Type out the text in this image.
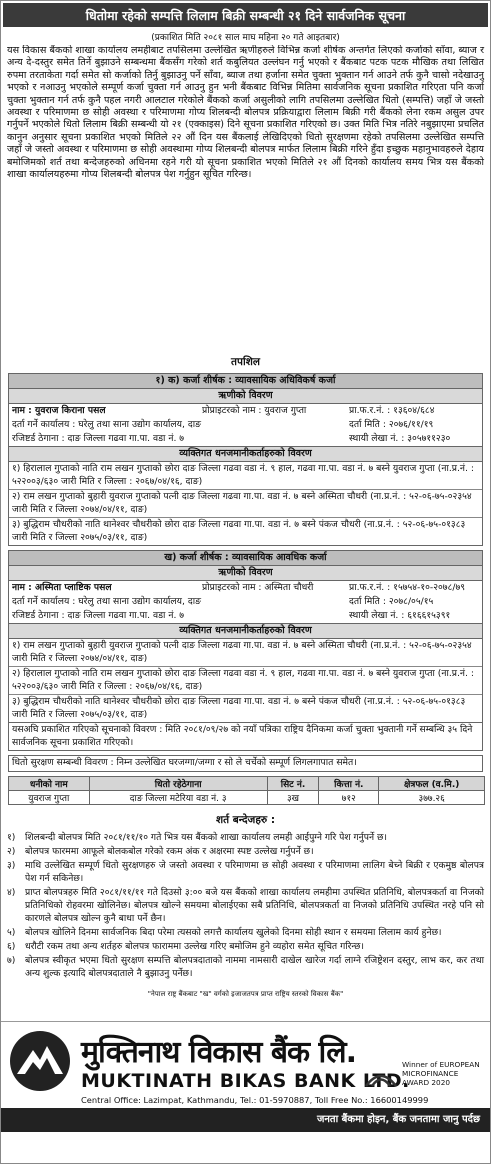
धितोमा रहेको सम्पत्ति लिलाम बिक्री सम्बन्धी २१ दिने सार्वजनिक सूचना
(प्रकाशित मिति २०८१ साल माघ महिना २० गते आइतबार)

यस विकास बैंकको शाखा कार्यालय लमहीबाट तपसिलमा उल्लेखित ऋणीहरुले विभिन्न कर्जा शीर्षक अन्तर्गत लिएको कर्जाको साँवा, ब्याज र अन्य दे-दस्तुर समेत तिर्ने बुझाउने सम्बन्धमा बैंकसँग गरेको शर्त कबुलियत उल्लंघन गर्नु भएको र बैंकबाट पटक पटक मौखिक तथा लिखित रुपमा तरताकेता गर्दा समेत सो कर्जाको तिर्नु बुझाउनु पर्ने साँवा, ब्याज तथा हर्जाना समेत चुक्ता भुक्तान गर्न आउने तर्फ कुनै चासो नदेखाउनु भएको र नआउनु भएकोले सम्पूर्ण कर्जा चुक्ता गर्न आउनु हुन भनी बैंकबाट विभिन्न मितिमा सार्वजनिक सूचना प्रकाशित गरिएता पनि कर्जा चुक्ता भुक्तान गर्न तर्फ कुनै पहल नगरी आलटाल गरेकोले बैंकको कर्जा असुलीको लागि तपसिलमा उल्लेखित धितो (सम्पत्ति) जहाँ जे जस्तो अवस्था र परिमाणमा छ सोही अवस्था र परिमाणमा गोप्य शिलबन्दी बोलपत्र प्रक्रियाद्वारा लिलाम बिक्री गरी बैंकको लेना रकम असुल उपर गर्नुपर्ने भएकोले धितो लिलाम बिक्री सम्बन्धी यो २१ (एक्काइस) दिने सूचना प्रकाशित गरिएको छ। उक्त मिति भित्र नतिरे नबुझाएमा प्रचलित कानुन अनुसार सूचना प्रकाशित भएको मितिले २२ औं दिन यस बैंकलाई लेखिदिएको धितो सुरक्षणमा रहेको तपसिलमा उल्लेखित सम्पत्ति जहाँ जे जस्तो अवस्था र परिमाणमा छ सोही अवस्थामा गोप्य शिलबन्दी बोलपत्र मार्फत लिलाम बिक्री गरिने हुँदा इच्छुक महानुभावहरुले देहाय बमोजिमको शर्त तथा बन्देजहरुको अधिनमा रहने गरी यो सूचना प्रकाशित भएको मितिले २१ औं दिनको कार्यालय समय भित्र यस बैंकको शाखा कार्यालयहरुमा गोप्य शिलबन्दी बोलपत्र पेश गर्नुहुन सूचित गरिन्छ।

तपशिल
१) क) कर्जा शीर्षक : व्यावसायिक अधिविकर्ष कर्जा
ऋणीको विवरण
नाम : युवराज किराना पसल	प्रोप्राइटरको नाम : युवराज गुप्ता	प्रा.फ.र.नं. : १३६०४/६८४
दर्ता गर्ने कार्यालय : घरेलु तथा साना उद्योग कार्यालय, दाङ	दर्ता मिति : २०७६/११/१९
रजिष्टर्ड ठेगाना : दाङ जिल्ला गढवा गा.पा. वडा नं. ७	स्थायी लेखा नं. : ३०५७११२३०
व्यक्तिगत धनजमानीकर्ताहरुको विवरण
१) हिरालाल गुप्ताको नाति राम लखन गुप्ताको छोरा दाङ जिल्ला गढवा वडा नं. ९ हाल, गढवा गा.पा. वडा नं. ७ बस्ने युवराज गुप्ता (ना.प्र.नं. : ५२२००३/६३० जारी मिति र जिल्ला : २०६७/०४/१६, दाङ)
२) राम लखन गुप्ताको बुहारी युवराज गुप्ताको पत्नी दाङ जिल्ला गढवा गा.पा. वडा नं. ७ बस्ने अस्मिता चौधरी (ना.प्र.नं. : ५२-०६-७५-०२३५४ जारी मिति र जिल्ला २०७४/०४/११, दाङ)
३) बुद्धिराम चौधरीको नाति थानेश्वर चौधरीको छोरा दाङ जिल्ला गढवा गा.पा. वडा नं. ७ बस्ने पंकज चौधरी (ना.प्र.नं. : ५२-०६-७५-०१३८३ जारी मिति र जिल्ला २०७५/०३/११, दाङ)
ख) कर्जा शीर्षक : व्यावसायिक आवधिक कर्जा
ऋणीको विवरण
नाम : अस्मिता प्लाष्टिक पसल	प्रोप्राइटरको नाम : अस्मिता चौधरी	प्रा.फ.र.नं. : १५७५४-१०-२०७८/७९
दर्ता गर्ने कार्यालय : घरेलु तथा साना उद्योग कार्यालय, दाङ	दर्ता मिति : २०७८/०५/१५
रजिष्टर्ड ठेगाना : दाङ जिल्ला गढवा गा.पा. वडा नं. ७	स्थायी लेखा नं. : ६१६६१५३९१
व्यक्तिगत धनजमानीकर्ताहरुको विवरण
१) राम लखन गुप्ताको बुहारी युवराज गुप्ताको पत्नी दाङ जिल्ला गढवा गा.पा. वडा नं. ७ बस्ने अस्मिता चौधरी (ना.प्र.नं. : ५२-०६-७५-०२३५४ जारी मिति र जिल्ला २०७४/०४/११, दाङ)
२) हिरालाल गुप्ताको नाति राम लखन गुप्ताको छोरा दाङ जिल्ला गढवा वडा नं. ९ हाल, गढवा गा.पा. वडा नं. ७ बस्ने युवराज गुप्ता (ना.प्र.नं. : ५२२००३/६३० जारी मिति र जिल्ला : २०६७/०४/१६, दाङ)
३) बुद्धिराम चौधरीको नाति थानेश्वर चौधरीको छोरा दाङ जिल्ला गढवा गा.पा. वडा नं. ७ बस्ने पंकज चौधरी (ना.प्र.नं. : ५२-०६-७५-०१३८३ जारी मिति र जिल्ला २०७५/०३/११, दाङ)
यसअघि प्रकाशित गरिएको सूचनाको विवरण : मिति २०८१/०९/२७ को नयाँ पत्रिका राष्ट्रिय दैनिकमा कर्जा चुक्ता भुक्तानी गर्ने सम्बन्धि ३५ दिने सार्वजनिक सूचना प्रकाशित गरिएको।
धितो सुरक्षण सम्बन्धी विवरण : निम्न उल्लेखित घरजग्गा/जग्गा र सो ले चर्चेको सम्पूर्ण लिगलगापात समेत।
धनीको नाम	धितो रहेठेगाना	सिट नं.	कित्ता नं.	क्षेत्रफल (व.मि.)
युवराज गुप्ता	दाङ जिल्ला मटेरिया वडा नं. ३	३ख	७१२	३७७.२६
शर्त बन्देजहरु :
१)	शिलबन्दी बोलपत्र मिति २०८१/११/१० गते भित्र यस बैंकको शाखा कार्यालय लमही आईपुग्ने गरि पेश गर्नुपर्ने छ।
२)	बोलपत्र फारममा आफूले बोलकबोल गरेको रकम अंक र अक्षरमा स्पष्ट उल्लेख गर्नुपर्ने छ।
३)	माथि उल्लेखित सम्पूर्ण धितो सुरक्षणहरु जे जस्तो अवस्था र परिमाणमा छ सोही अवस्था र परिमाणमा लालिग बेच्ने बिक्री र एकमुष्ठ बोलपत्र पेश गर्न सकिनेछ।
४)	प्राप्त बोलपत्रहरु मिति २०८१/११/११ गते दिउसो ३:०० बजे यस बैंकको शाखा कार्यालय लमहीमा उपस्थित प्रतिनिधि, बोलपत्रकर्ता वा निजको प्रतिनिधिको रोहवरमा खोलिनेछ। बोलपत्र खोल्ने समयमा बोलाईएका सबै प्रतिनिधि, बोलपत्रकर्ता वा निजको प्रतिनिधि उपस्थित नरहे पनि सो कारणले बोलपत्र खोल्न कुनै बाधा पर्ने छैन।
५)	बोलपत्र खोलिने दिनमा सार्वजनिक बिदा परेमा त्यसको लगत्तै कार्यालय खुलेको दिनमा सोही स्थान र समयमा लिलाम कार्य हुनेछ।
६)	धरौटी रकम तथा अन्य शर्तहरु बोलपत्र फाराममा उल्लेख गरिए बमोजिम हुने व्यहोरा समेत सूचित गरिन्छ।
७)	बोलपत्र स्वीकृत भएमा धितो सुरक्षण सम्पत्ति बोलपत्रदाताको नाममा नामसारी दाखेल खारेज गर्दा लाग्ने रजिष्ट्रेशन दस्तुर, लाभ कर, कर तथा अन्य शुल्क इत्यादि बोलपत्रदाताले नै बुझाउनु पर्नेछ।
"नेपाल राष्ट्र बैंकबाट "ख" वर्गको इजाजतपत्र प्राप्त राष्ट्रिय स्तरको विकास बैंक"
मुक्तिनाथ विकास बैंक लि.
MUKTINATH BIKAS BANK LTD.
Central Office: Lazimpat, Kathmandu, Tel.: 01-5970887, Toll Free No.: 16600149999
Winner of EUROPEAN MICROFINANCE AWARD 2020
जनता बैंकमा होइन, बैंक जनतामा जानु पर्दछ
